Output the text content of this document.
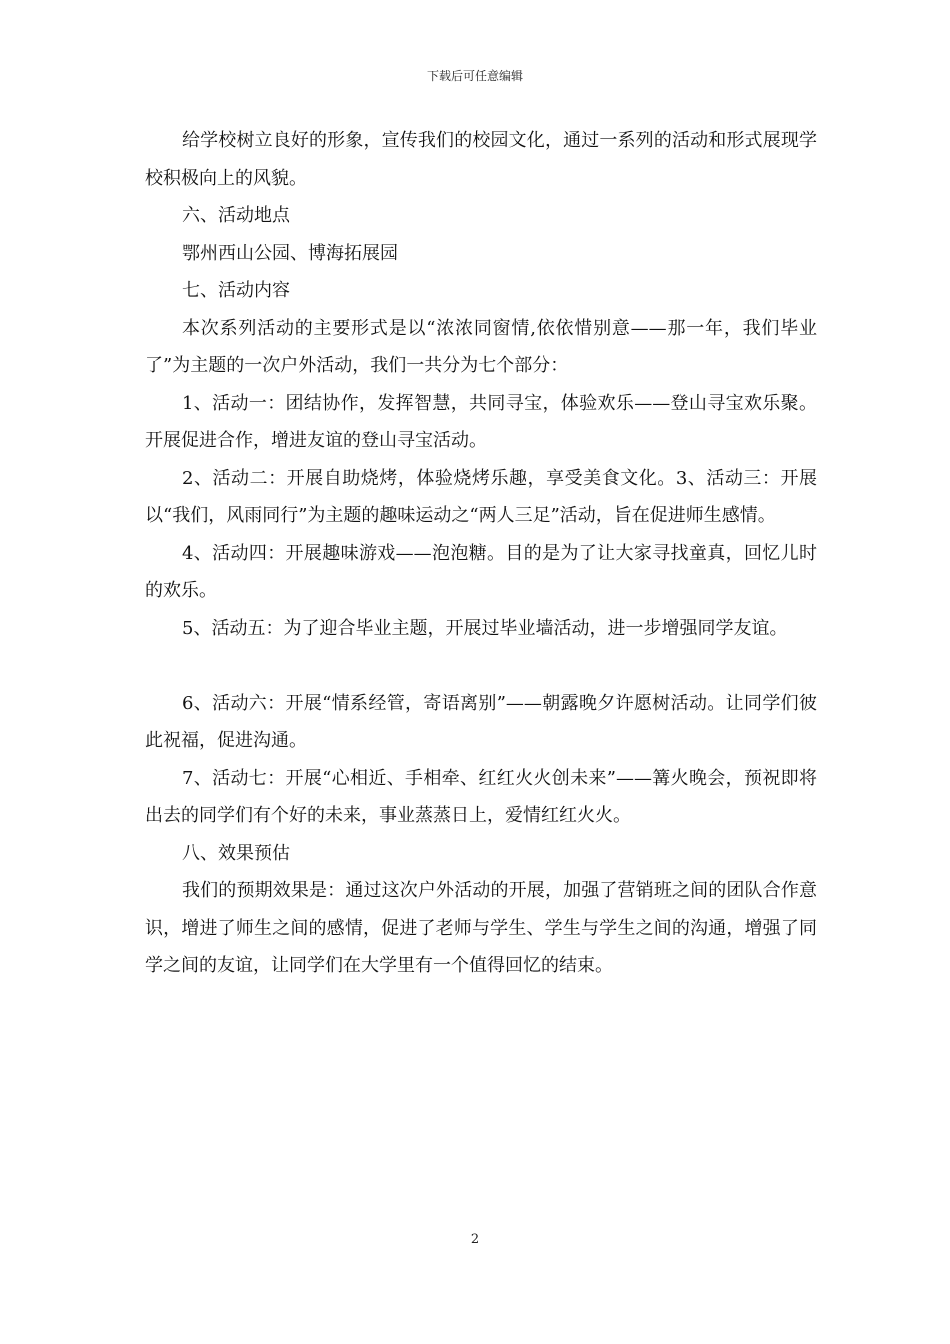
下载后可任意编辑

给学校树立良好的形象，宣传我们的校园文化，通过一系列的活动和形式展现学校积极向上的风貌。

六、活动地点

鄂州西山公园、博海拓展园

七、活动内容

本次系列活动的主要形式是以“浓浓同窗情,依依惜别意——那一年，我们毕业了”为主题的一次户外活动，我们一共分为七个部分：

1、活动一：团结协作，发挥智慧，共同寻宝，体验欢乐——登山寻宝欢乐聚。开展促进合作，增进友谊的登山寻宝活动。

2、活动二：开展自助烧烤，体验烧烤乐趣，享受美食文化。3、活动三：开展以“我们，风雨同行”为主题的趣味运动之“两人三足”活动，旨在促进师生感情。

4、活动四：开展趣味游戏——泡泡糖。目的是为了让大家寻找童真，回忆儿时的欢乐。

5、活动五：为了迎合毕业主题，开展过毕业墙活动，进一步增强同学友谊。

6、活动六：开展“情系经管，寄语离别”——朝露晚夕许愿树活动。让同学们彼此祝福，促进沟通。

7、活动七：开展“心相近、手相牵、红红火火创未来”——篝火晚会，预祝即将出去的同学们有个好的未来，事业蒸蒸日上，爱情红红火火。

八、效果预估

我们的预期效果是：通过这次户外活动的开展，加强了营销班之间的团队合作意识，增进了师生之间的感情，促进了老师与学生、学生与学生之间的沟通，增强了同学之间的友谊，让同学们在大学里有一个值得回忆的结束。

2
